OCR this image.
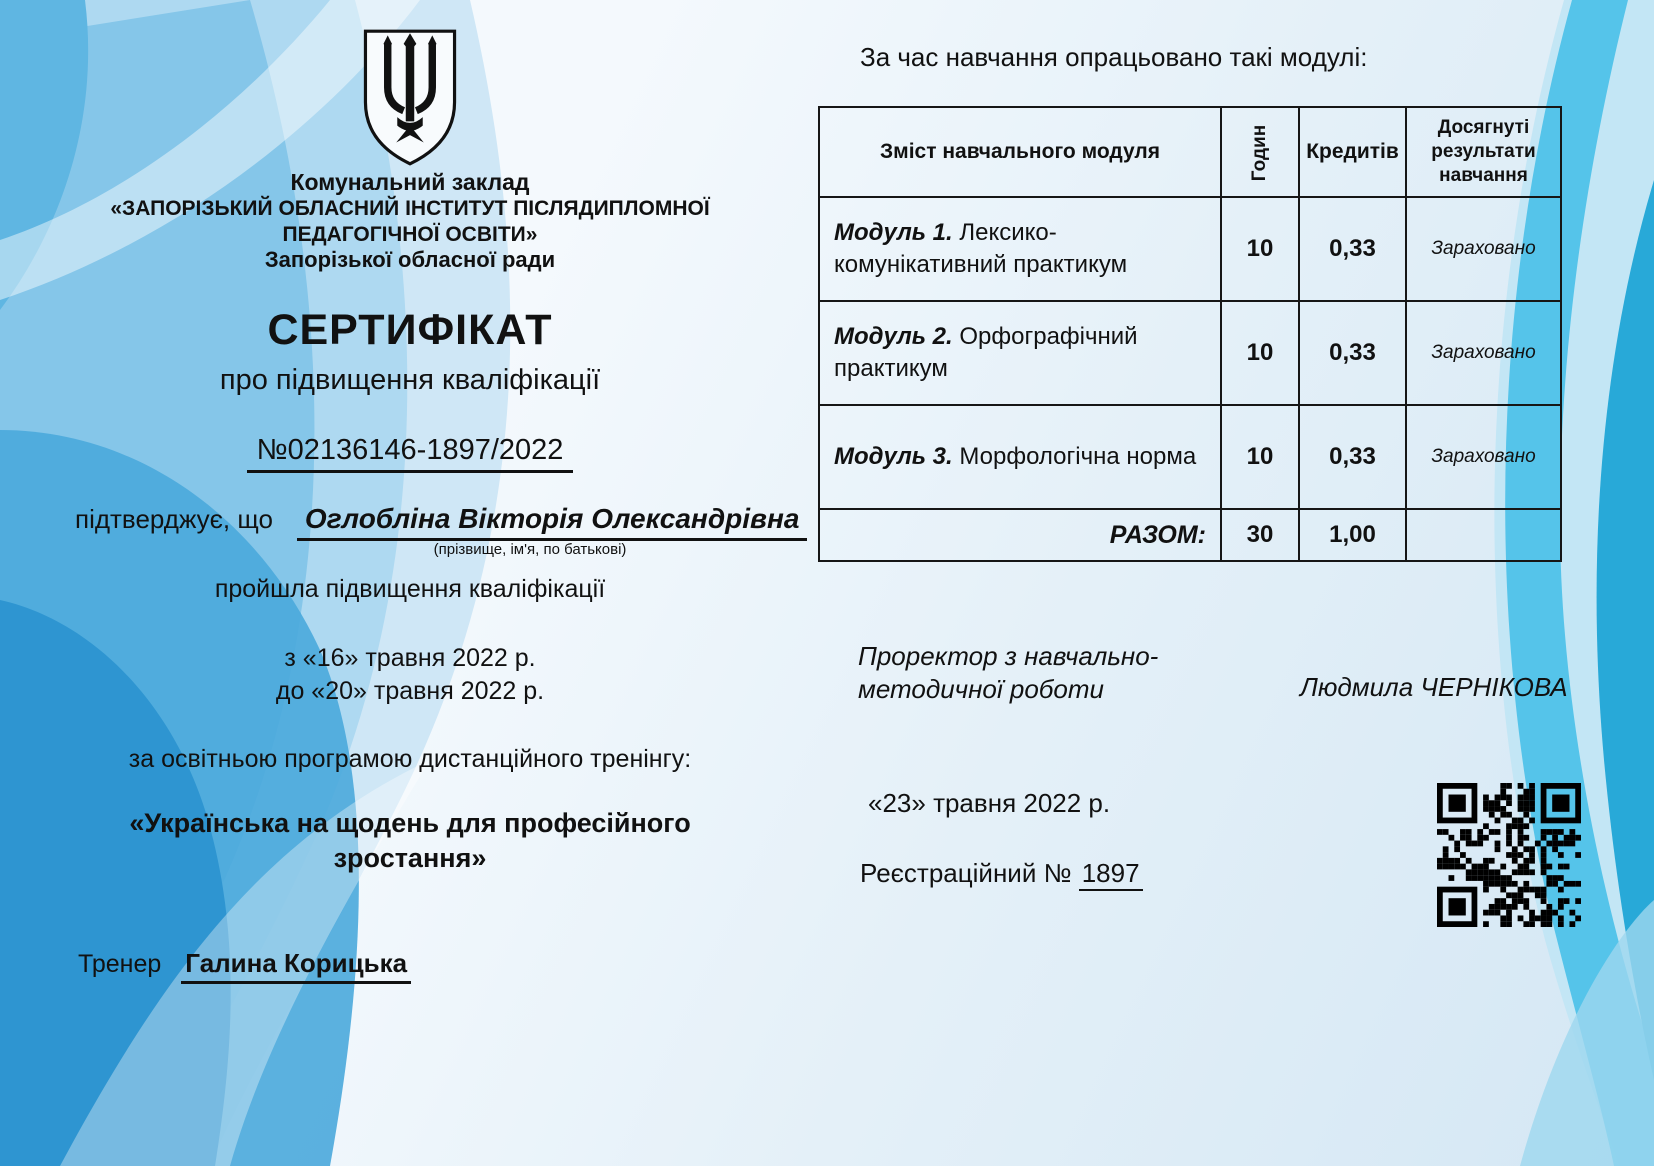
Комунальний заклад
«ЗАПОРІЗЬКИЙ ОБЛАСНИЙ ІНСТИТУТ ПІСЛЯДИПЛОМНОЇ
ПЕДАГОГІЧНОЇ ОСВІТИ»
Запорізької обласної ради
СЕРТИФІКАТ
про підвищення кваліфікації
№02136146-1897/2022
підтверджує, що Оглобліна Вікторія Олександрівна
(прізвище, ім'я, по батькові)
пройшла підвищення кваліфікації
з «16» травня 2022 р.
до «20» травня 2022 р.
за освітньою програмою дистанційного тренінгу:
«Українська на щодень для професійного зростання»
Тренер Галина Корицька
За час навчання опрацьовано такі модулі:
Зміст навчального модуля	Годин	Кредитів	Досягнуті результати навчання
Модуль 1. Лексико-комунікативний практикум	10	0,33	Зараховано
Модуль 2. Орфографічний практикум	10	0,33	Зараховано
Модуль 3. Морфологічна норма	10	0,33	Зараховано
РАЗОМ:	30	1,00	
Проректор з навчально-
методичної роботи	Людмила ЧЕРНІКОВА
«23» травня 2022 р.
Реєстраційний № 1897
